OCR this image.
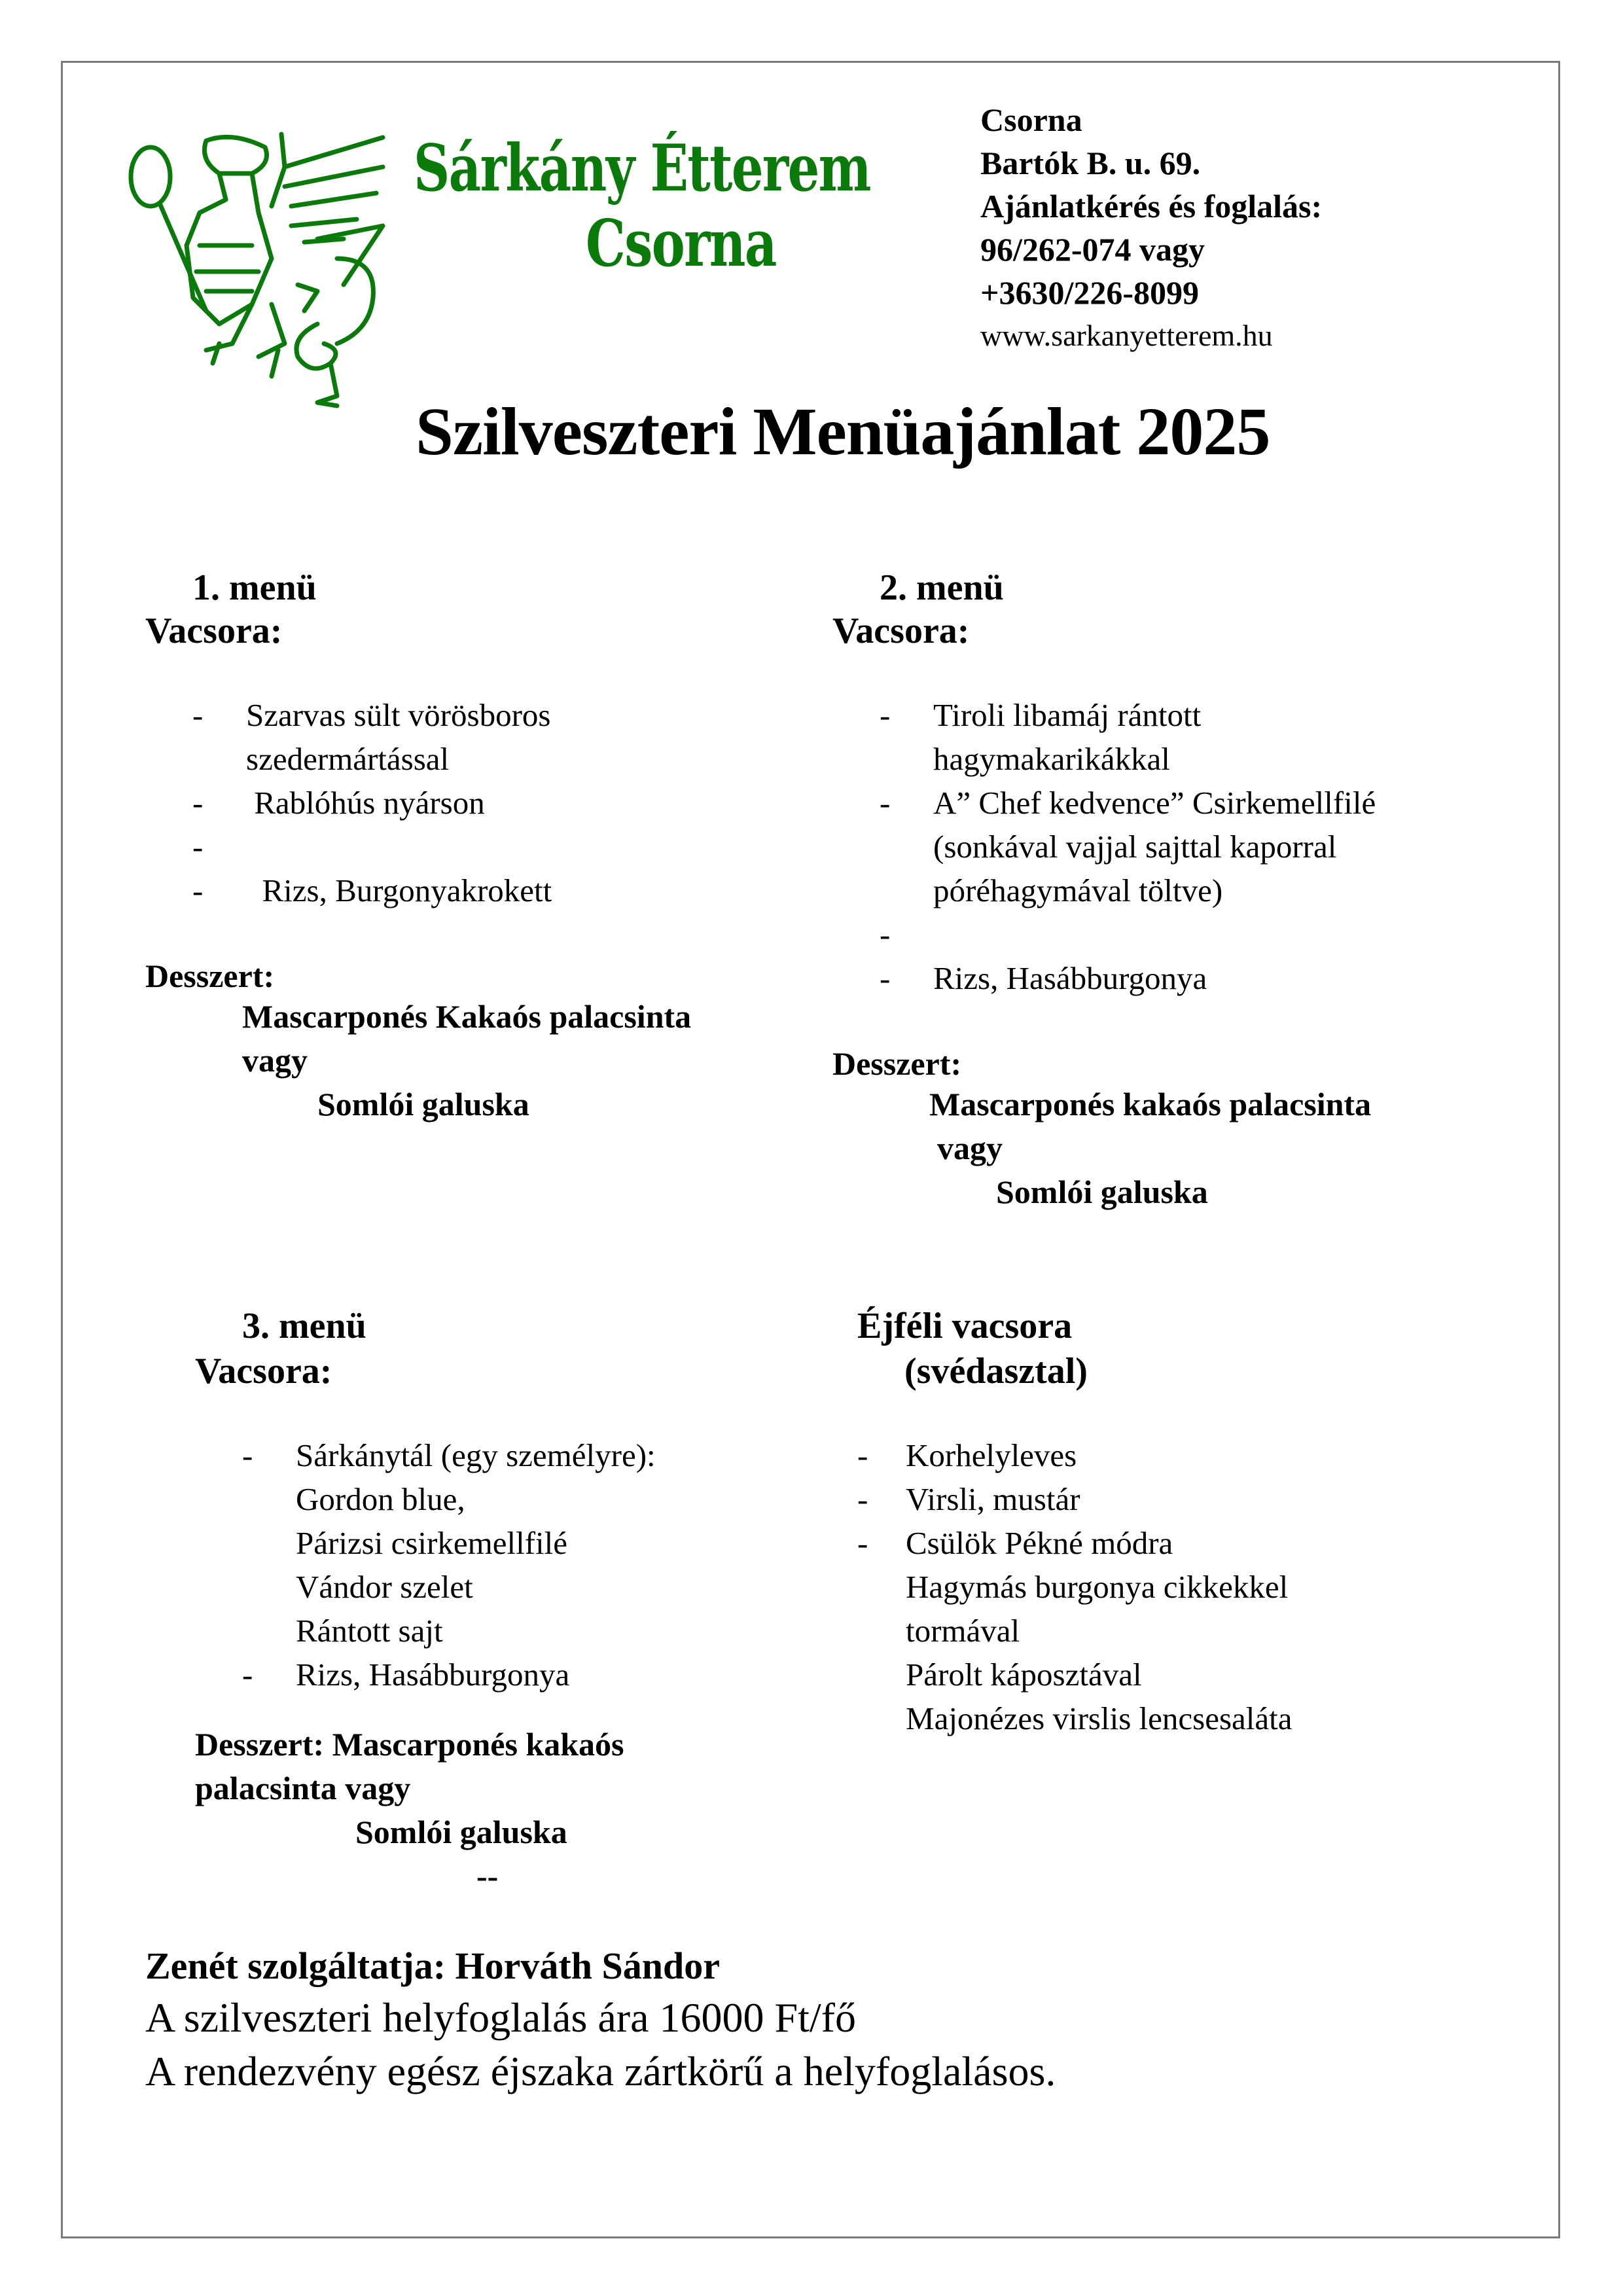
Sárkány Étterem
Csorna
Csorna
Bartók B. u. 69.
Ajánlatkérés és foglalás:
96/262-074 vagy
+3630/226-8099
www.sarkanyetterem.hu
Szilveszteri Menüajánlat 2025
1. menü
Vacsora:
-	Szarvas sült vörösboros
szedermártással
-	Rablóhús nyárson
-
-	Rizs, Burgonyakrokett
Desszert:
Mascarponés Kakaós palacsinta
vagy
Somlói galuska
2. menü
Vacsora:
-	Tiroli libamáj rántott
hagymakarikákkal
-	A” Chef kedvence” Csirkemellfilé
(sonkával vajjal sajttal kaporral
póréhagymával töltve)
-
-	Rizs, Hasábburgonya
Desszert:
Mascarponés kakaós palacsinta
vagy
Somlói galuska
3. menü
Vacsora:
-	Sárkánytál (egy személyre):
Gordon blue,
Párizsi csirkemellfilé
Vándor szelet
Rántott sajt
-	Rizs, Hasábburgonya
Desszert: Mascarponés kakaós
palacsinta vagy
Somlói galuska
--
Éjféli vacsora
(svédasztal)
-	Korhelyleves
-	Virsli, mustár
-	Csülök Pékné módra
Hagymás burgonya cikkekkel
tormával
Párolt káposztával
Majonézes virslis lencsesaláta
Zenét szolgáltatja: Horváth Sándor
A szilveszteri helyfoglalás ára 16000 Ft/fő
A rendezvény egész éjszaka zártkörű a helyfoglalásos.
